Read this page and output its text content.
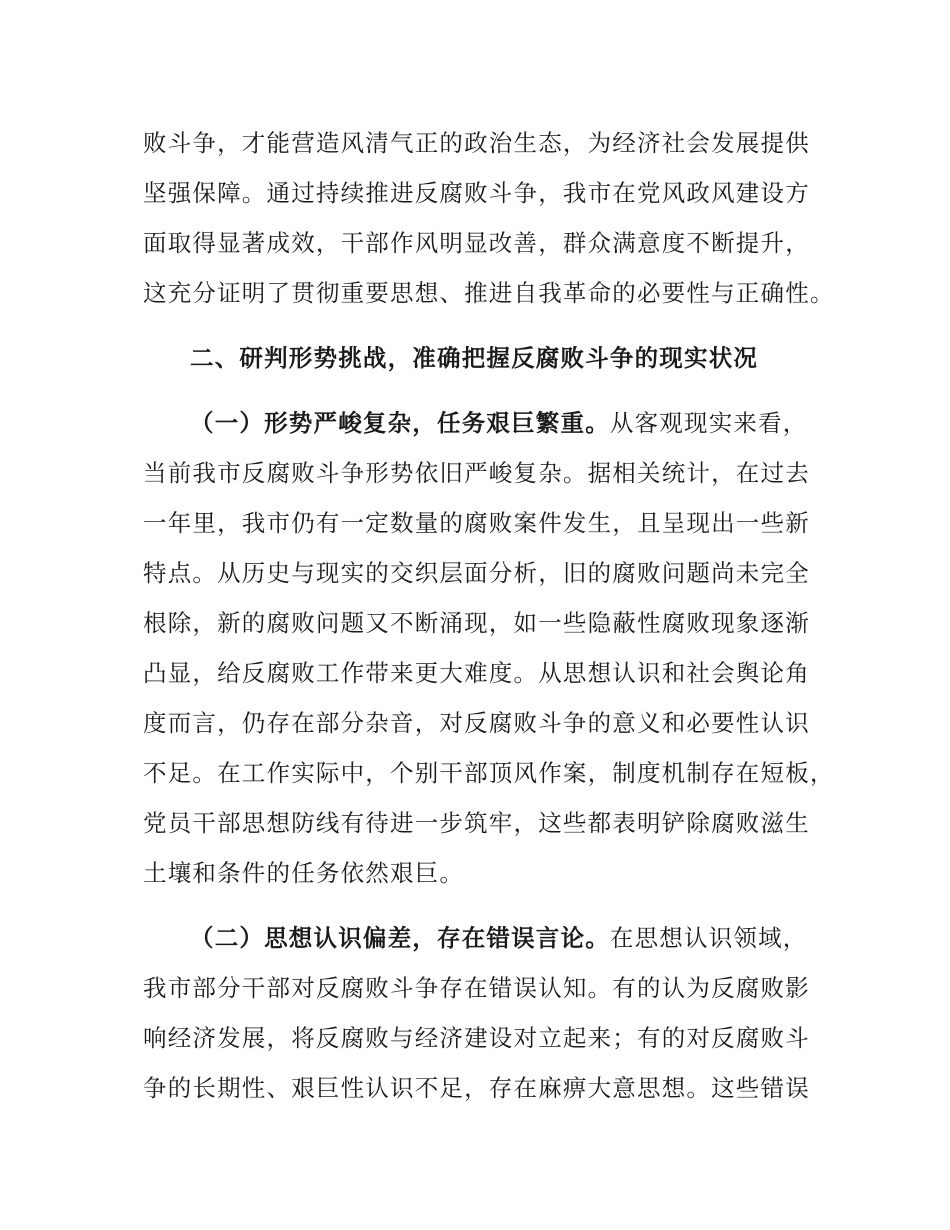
败斗争，才能营造风清气正的政治生态，为经济社会发展提供
坚强保障。通过持续推进反腐败斗争，我市在党风政风建设方
面取得显著成效，干部作风明显改善，群众满意度不断提升，
这充分证明了贯彻重要思想、推进自我革命的必要性与正确性。
二、研判形势挑战，准确把握反腐败斗争的现实状况
（一）形势严峻复杂，任务艰巨繁重。从客观现实来看，
当前我市反腐败斗争形势依旧严峻复杂。据相关统计，在过去
一年里，我市仍有一定数量的腐败案件发生，且呈现出一些新
特点。从历史与现实的交织层面分析，旧的腐败问题尚未完全
根除，新的腐败问题又不断涌现，如一些隐蔽性腐败现象逐渐
凸显，给反腐败工作带来更大难度。从思想认识和社会舆论角
度而言，仍存在部分杂音，对反腐败斗争的意义和必要性认识
不足。在工作实际中，个别干部顶风作案，制度机制存在短板，
党员干部思想防线有待进一步筑牢，这些都表明铲除腐败滋生
土壤和条件的任务依然艰巨。
（二）思想认识偏差，存在错误言论。在思想认识领域，
我市部分干部对反腐败斗争存在错误认知。有的认为反腐败影
响经济发展，将反腐败与经济建设对立起来；有的对反腐败斗
争的长期性、艰巨性认识不足，存在麻痹大意思想。这些错误
